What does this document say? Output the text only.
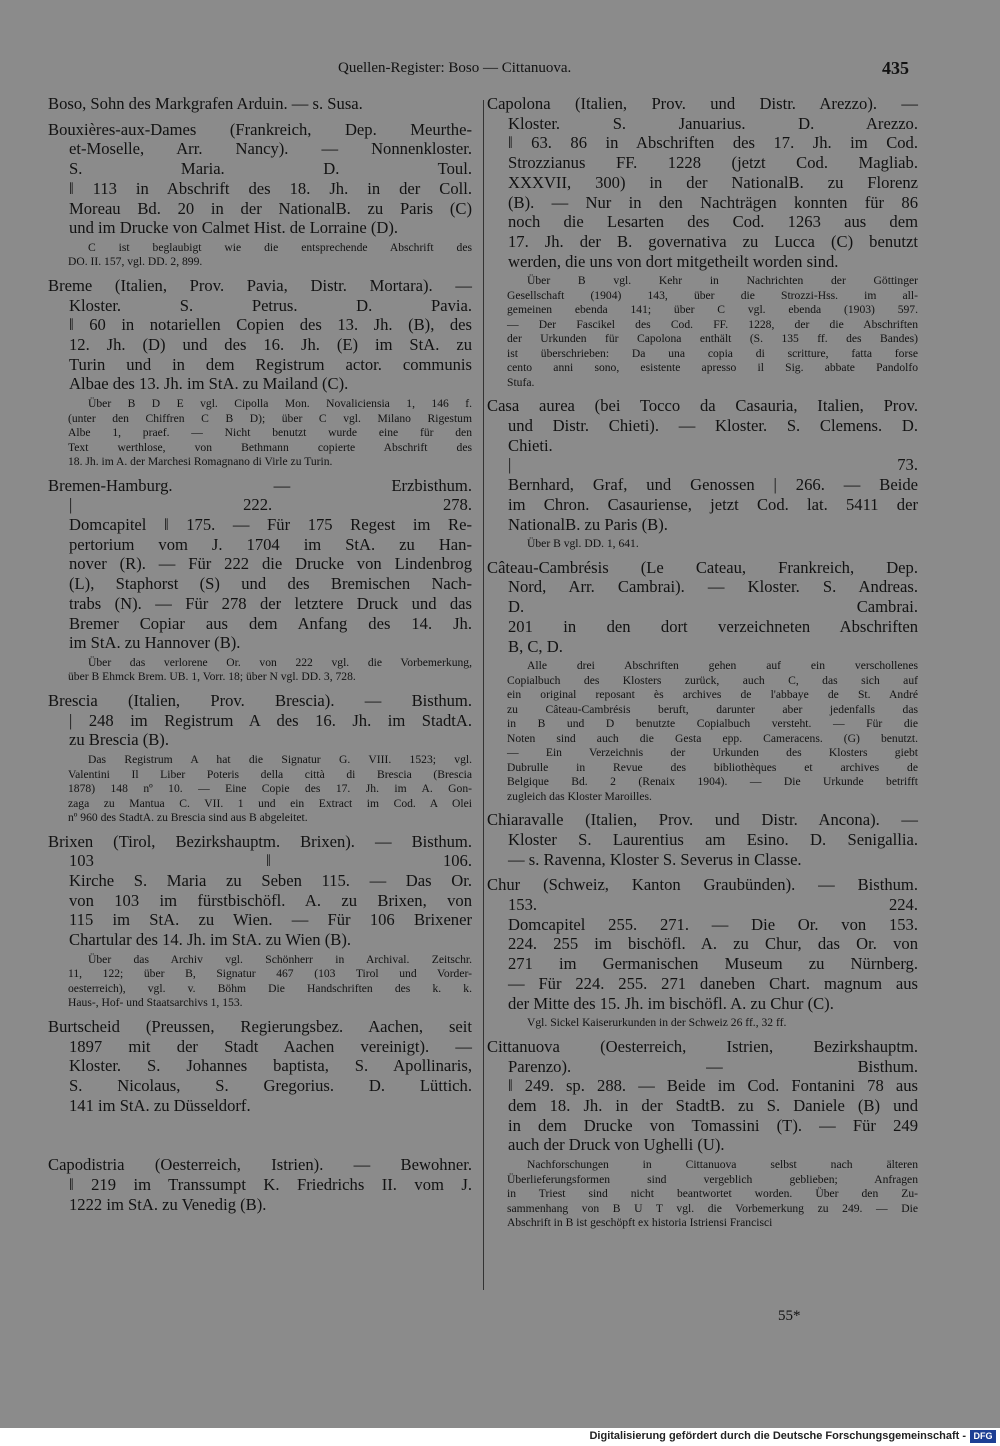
Quellen-Register: Boso — Cittanuova.	435
Boso, Sohn des Markgrafen Arduin. — s. Susa.
Bouxières-aux-Dames (Frankreich, Dep. Meurthe-
et-Moselle, Arr. Nancy). — Nonnenkloster.
S. Maria. D. Toul.
‖ 113 in Abschrift des 18. Jh. in der Coll.
Moreau Bd. 20 in der NationalB. zu Paris (C)
und im Drucke von Calmet Hist. de Lorraine (D).
C ist beglaubigt wie die entsprechende Abschrift des
DO. II. 157, vgl. DD. 2, 899.
Breme (Italien, Prov. Pavia, Distr. Mortara). —
Kloster. S. Petrus. D. Pavia.
‖ 60 in notariellen Copien des 13. Jh. (B), des
12. Jh. (D) und des 16. Jh. (E) im StA. zu
Turin und in dem Registrum actor. communis
Albae des 13. Jh. im StA. zu Mailand (C).
Über B D E vgl. Cipolla Mon. Novaliciensia 1, 146 f.
(unter den Chiffren C B D); über C vgl. Milano Rigestum
Albe 1, praef. — Nicht benutzt wurde eine für den
Text werthlose, von Bethmann copierte Abschrift des
18. Jh. im A. der Marchesi Romagnano di Virle zu Turin.
Bremen-Hamburg. — Erzbisthum.
| 222. 278.
Domcapitel ‖ 175. — Für 175 Regest im Re-
pertorium vom J. 1704 im StA. zu Han-
nover (R). — Für 222 die Drucke von Lindenbrog
(L), Staphorst (S) und des Bremischen Nach-
trabs (N). — Für 278 der letztere Druck und das
Bremer Copiar aus dem Anfang des 14. Jh.
im StA. zu Hannover (B).
Über das verlorene Or. von 222 vgl. die Vorbemerkung,
über B Ehmck Brem. UB. 1, Vorr. 18; über N vgl. DD. 3, 728.
Brescia (Italien, Prov. Brescia). — Bisthum.
| 248 im Registrum A des 16. Jh. im StadtA.
zu Brescia (B).
Das Registrum A hat die Signatur G. VIII. 1523; vgl.
Valentini Il Liber Poteris della città di Brescia (Brescia
1878) 148 nº 10. — Eine Copie des 17. Jh. im A. Gon-
zaga zu Mantua C. VII. 1 und ein Extract im Cod. A Olei
nº 960 des StadtA. zu Brescia sind aus B abgeleitet.
Brixen (Tirol, Bezirkshauptm. Brixen). — Bisthum.
103 ‖ 106.
Kirche S. Maria zu Seben 115. — Das Or.
von 103 im fürstbischöfl. A. zu Brixen, von
115 im StA. zu Wien. — Für 106 Brixener
Chartular des 14. Jh. im StA. zu Wien (B).
Über das Archiv vgl. Schönherr in Archival. Zeitschr.
11, 122; über B, Signatur 467 (103 Tirol und Vorder-
oesterreich), vgl. v. Böhm Die Handschriften des k. k.
Haus-, Hof- und Staatsarchivs 1, 153.
Burtscheid (Preussen, Regierungsbez. Aachen, seit
1897 mit der Stadt Aachen vereinigt). —
Kloster. S. Johannes baptista, S. Apollinaris,
S. Nicolaus, S. Gregorius. D. Lüttich.
141 im StA. zu Düsseldorf.
Capodistria (Oesterreich, Istrien). — Bewohner.
‖ 219 im Transsumpt K. Friedrichs II. vom J.
1222 im StA. zu Venedig (B).
Capolona (Italien, Prov. und Distr. Arezzo). —
Kloster. S. Januarius. D. Arezzo.
‖ 63. 86 in Abschriften des 17. Jh. im Cod.
Strozzianus FF. 1228 (jetzt Cod. Magliab.
XXXVII, 300) in der NationalB. zu Florenz
(B). — Nur in den Nachträgen konnten für 86
noch die Lesarten des Cod. 1263 aus dem
17. Jh. der B. governativa zu Lucca (C) benutzt
werden, die uns von dort mitgetheilt worden sind.
Über B vgl. Kehr in Nachrichten der Göttinger
Gesellschaft (1904) 143, über die Strozzi-Hss. im all-
gemeinen ebenda 141; über C vgl. ebenda (1903) 597.
— Der Fascikel des Cod. FF. 1228, der die Abschriften
der Urkunden für Capolona enthält (S. 135 ff. des Bandes)
ist überschrieben: Da una copia di scritture, fatta forse
cento anni sono, esistente apresso il Sig. abbate Pandolfo
Stufa.
Casa aurea (bei Tocco da Casauria, Italien, Prov.
und Distr. Chieti). — Kloster. S. Clemens. D.
Chieti.
| 73.
Bernhard, Graf, und Genossen | 266. — Beide
im Chron. Casauriense, jetzt Cod. lat. 5411 der
NationalB. zu Paris (B).
Über B vgl. DD. 1, 641.
Câteau-Cambrésis (Le Cateau, Frankreich, Dep.
Nord, Arr. Cambrai). — Kloster. S. Andreas.
D. Cambrai.
201 in den dort verzeichneten Abschriften
B, C, D.
Alle drei Abschriften gehen auf ein verschollenes
Copialbuch des Klosters zurück, auch C, das sich auf
ein original reposant ès archives de l'abbaye de St. André
zu Câteau-Cambrésis beruft, darunter aber jedenfalls das
in B und D benutzte Copialbuch versteht. — Für die
Noten sind auch die Gesta epp. Cameracens. (G) benutzt.
— Ein Verzeichnis der Urkunden des Klosters giebt
Dubrulle in Revue des bibliothèques et archives de
Belgique Bd. 2 (Renaix 1904). — Die Urkunde betrifft
zugleich das Kloster Maroilles.
Chiaravalle (Italien, Prov. und Distr. Ancona). —
Kloster S. Laurentius am Esino. D. Senigallia.
— s. Ravenna, Kloster S. Severus in Classe.
Chur (Schweiz, Kanton Graubünden). — Bisthum.
153. 224.
Domcapitel 255. 271. — Die Or. von 153.
224. 255 im bischöfl. A. zu Chur, das Or. von
271 im Germanischen Museum zu Nürnberg.
— Für 224. 255. 271 daneben Chart. magnum aus
der Mitte des 15. Jh. im bischöfl. A. zu Chur (C).
Vgl. Sickel Kaiserurkunden in der Schweiz 26 ff., 32 ff.
Cittanuova (Oesterreich, Istrien, Bezirkshauptm.
Parenzo). — Bisthum.
‖ 249. sp. 288. — Beide im Cod. Fontanini 78 aus
dem 18. Jh. in der StadtB. zu S. Daniele (B) und
in dem Drucke von Tomassini (T). — Für 249
auch der Druck von Ughelli (U).
Nachforschungen in Cittanuova selbst nach älteren
Überlieferungsformen sind vergeblich geblieben; Anfragen
in Triest sind nicht beantwortet worden. Über den Zu-
sammenhang von B U T vgl. die Vorbemerkung zu 249. — Die
Abschrift in B ist geschöpft ex historia Istriensi Francisci
55*
Digitalisierung gefördert durch die Deutsche Forschungsgemeinschaft - DFG
